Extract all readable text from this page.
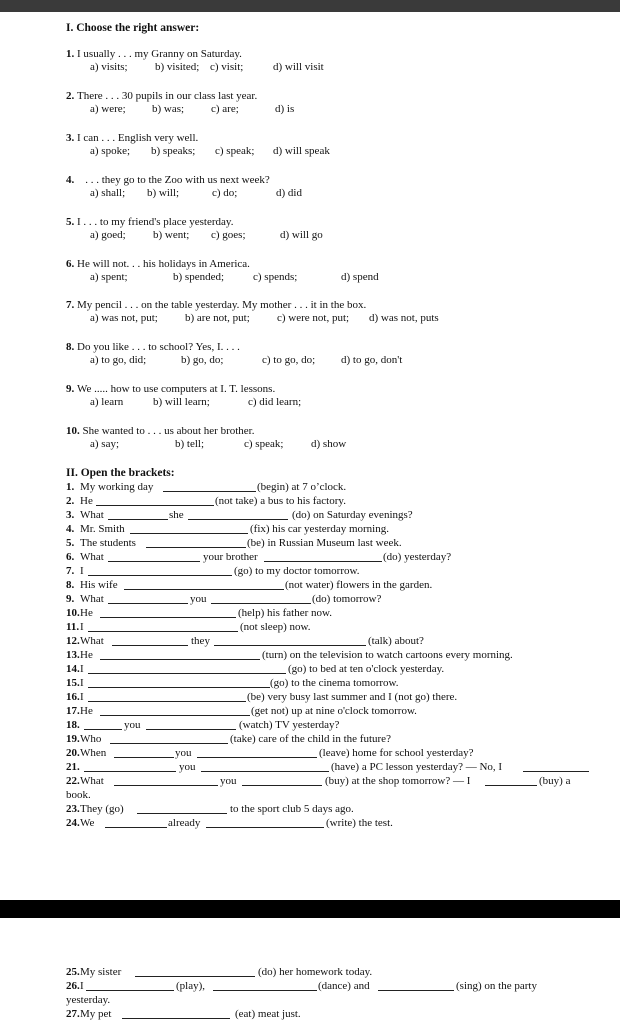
I. Choose the right answer:
1. I usually . . . my Granny on Saturday.
a) visits; b) visited; c) visit;	d) will visit
2. There . . . 30 pupils in our class last year.
a) were; b) was; c) are;	d) is
3. I can . . . English very well.
a) spoke; b) speaks; c) speak; d) will speak
4. . . . they go to the Zoo with us next week?
a) shall; b) will;	c) do;	d) did
5. I . . . to my friend's place yesterday.
a) goed; b) went; c) goes;	d) will go
6. He will not. . . his holidays in America.
a) spent;	b) spended;	c) spends;	d) spend
7. My pencil . . . on the table yesterday. My mother . . . it in the box.
a) was not, put; b) are not, put; c) were not, put; d) was not, puts
8. Do you like . . . to school? Yes, I. . . .
a) to go, did;	b) go, do;	c) to go, do; d) to go, don't
9. We ..... how to use computers at I. T. lessons.
a) learn	b) will learn;	c) did learn;
10. She wanted to . . . us about her brother.
a) say;	b) tell;	c) speak;	d) show
II. Open the brackets:
1. My working day	(begin) at 7 o’clock.
2. He	(not take) a bus to his factory.
3. What	she	(do) on Saturday evenings?
4. Mr. Smith	(fix) his car yesterday morning.
5. The students	(be) in Russian Museum last week.
6. What	your brother	(do) yesterday?
7. I	(go) to my doctor tomorrow.
8. His wife	(not water) flowers in the garden.
9. What	you	(do) tomorrow?
10. He	(help) his father now.
11. I	(not sleep) now.
12. What	they	(talk) about?
13. He	(turn) on the television to watch cartoons every morning.
14. I	(go) to bed at ten o'clock yesterday.
15. I	(go) to the cinema tomorrow.
16. I	(be) very busy last summer and I (not go) there.
17. He	(get not) up at nine o'clock tomorrow.
18.	you	(watch) TV yesterday?
19. Who	(take) care of the child in the future?
20. When	you	(leave) home for school yesterday?
21.	you	(have) a PC lesson yesterday? — No, I
22. What	you	(buy) at the shop tomorrow? — I	(buy) a
book.
23. They (go)	to the sport club 5 days ago.
24. We	already	(write) the test.
25. My sister	(do) her homework today.
26. I	(play),	(dance) and	(sing) on the party
yesterday.
27. My pet	(eat) meat just.
